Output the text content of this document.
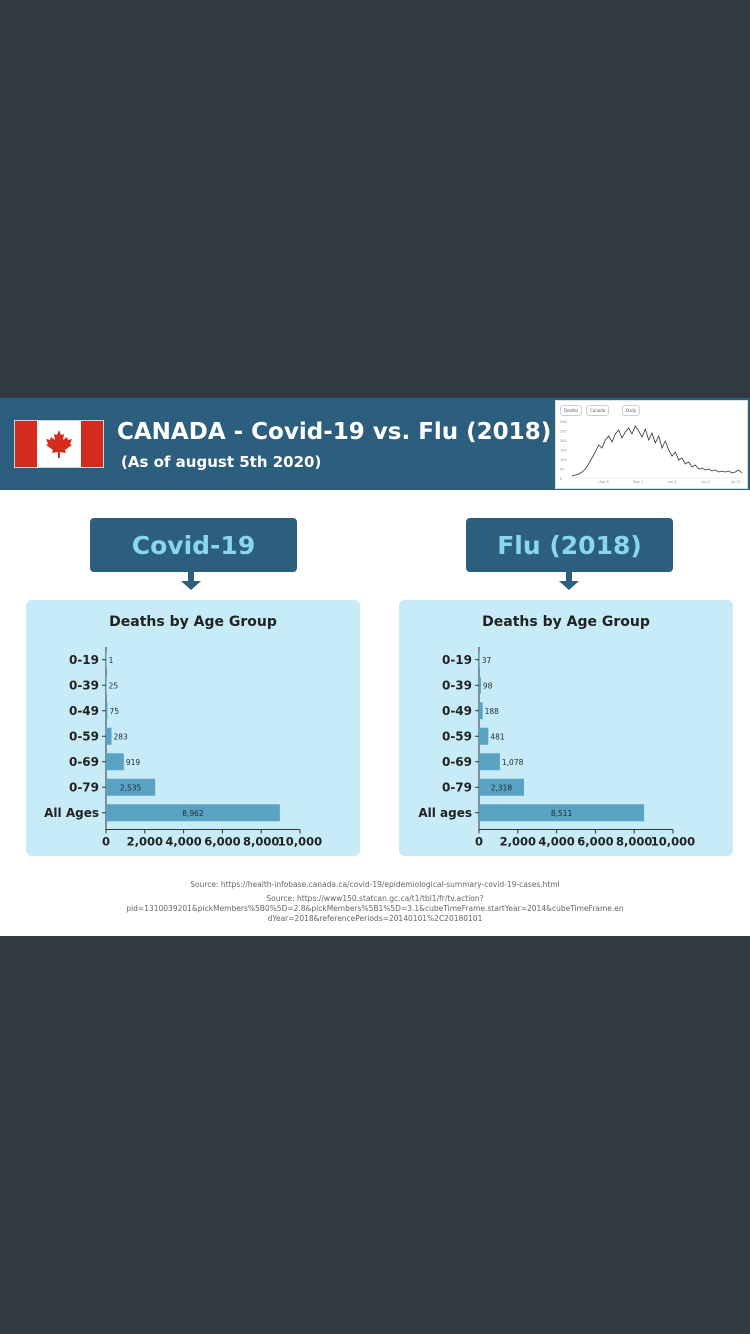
CANADA - Covid-19 vs. Flu (2018)
(As of august 5th 2020)
Deaths	Canada	Daily
200
250
200
150
100
50
0
Apr 8	May 1	Jun 4	Jul 2	Jul 31
Covid-19	Flu (2018)
Deaths by Age Group
0-19 1
0-39 25
0-49 75
0-59 283
0-69	919
0-79	2,535
All Ages	8,962
0 2,000 4,000 6,000 8,000
10,000
Deaths by Age Group
0-19 37
0-39 98
0-49 188
0-59 481
0-69	1,078
0-79 2,318
All ages	8,511
0 2,000 4,000 6,000 8,000
10,000
Source: https://health-infobase.canada.ca/covid-19/epidemiological-summary-covid-19-cases.html
Source: https://www150.statcan.gc.ca/t1/tbl1/fr/tv.action?
pid=1310039201&pickMembers%5B0%5D=2.8&pickMembers%5B1%5D=3.1&cubeTimeFrame.startYear=2014&cubeTimeFrame.en
dYear=2018&referencePeriods=20140101%2C20180101
